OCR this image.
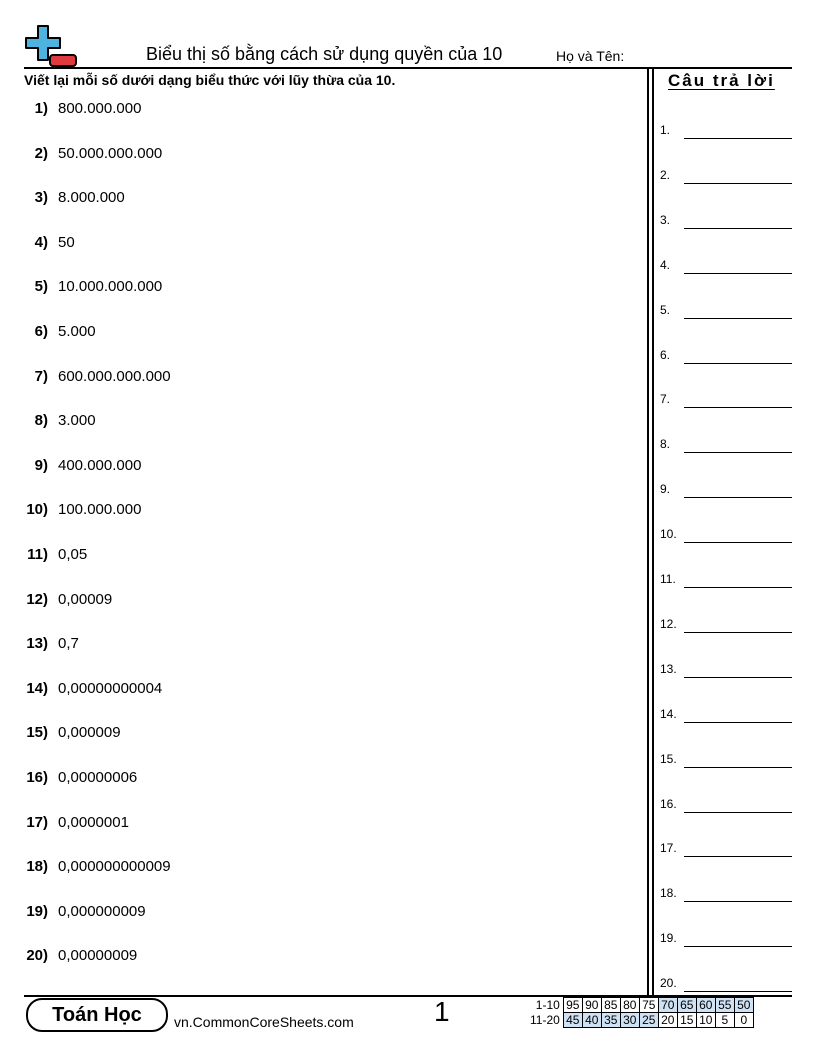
Biểu thị số bằng cách sử dụng quyền của 10	Họ và Tên:
Viết lại mỗi số dưới dạng biểu thức với lũy thừa của 10.	Câu trả lời
1) 800.000.000
2) 50.000.000.000
3) 8.000.000
4) 50
5) 10.000.000.000
6) 5.000
7) 600.000.000.000
8) 3.000
9) 400.000.000
10) 100.000.000
11) 0,05
12) 0,00009
13) 0,7
14) 0,00000000004
15) 0,000009
16) 0,00000006
17) 0,0000001
18) 0,000000000009
19) 0,000000009
20) 0,00000009
1.
2.
3.
4.
5.
6.
7.
8.
9.
10.
11.
12.
13.
14.
15.
16.
17.
18.
19.
20.
Toán Học	vn.CommonCoreSheets.com	1	1-10	95	90	85	80	75	70	65	60	55	50
11-20	45	40	35	30	25	20	15	10	5	0
